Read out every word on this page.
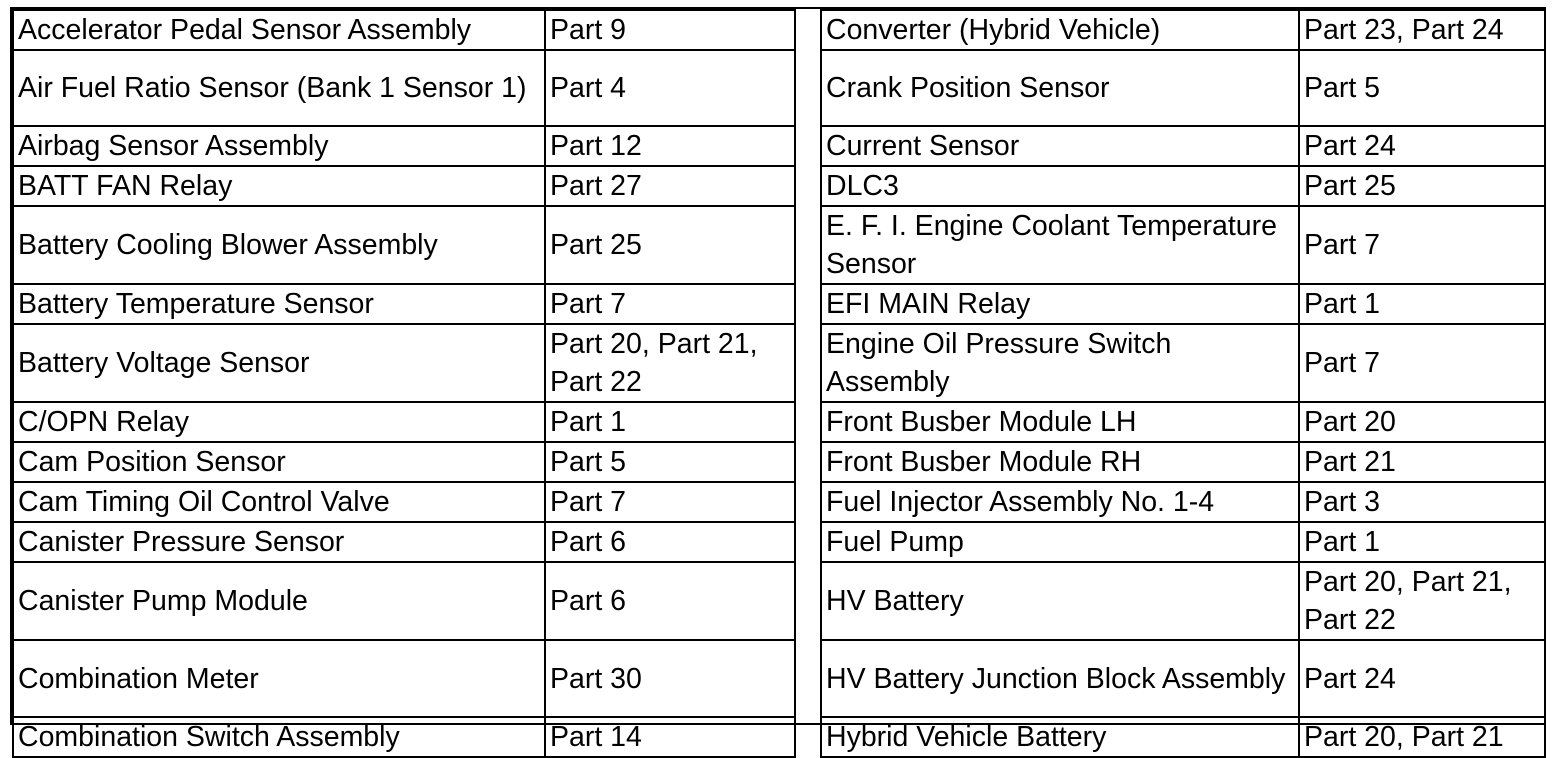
Accelerator Pedal Sensor Assembly	Part 9		Converter (Hybrid Vehicle)	Part 23, Part 24
Air Fuel Ratio Sensor (Bank 1 Sensor 1)	Part 4		Crank Position Sensor	Part 5
Airbag Sensor Assembly	Part 12		Current Sensor	Part 24
BATT FAN Relay	Part 27		DLC3	Part 25
Battery Cooling Blower Assembly	Part 25		E. F. I. Engine Coolant Temperature Sensor	Part 7
Battery Temperature Sensor	Part 7		EFI MAIN Relay	Part 1
Battery Voltage Sensor	Part 20, Part 21, Part 22		Engine Oil Pressure Switch Assembly	Part 7
C/OPN Relay	Part 1		Front Busber Module LH	Part 20
Cam Position Sensor	Part 5		Front Busber Module RH	Part 21
Cam Timing Oil Control Valve	Part 7		Fuel Injector Assembly No. 1-4	Part 3
Canister Pressure Sensor	Part 6		Fuel Pump	Part 1
Canister Pump Module	Part 6		HV Battery	Part 20, Part 21, Part 22
Combination Meter	Part 30		HV Battery Junction Block Assembly	Part 24
Combination Switch Assembly	Part 14		Hybrid Vehicle Battery	Part 20, Part 21
